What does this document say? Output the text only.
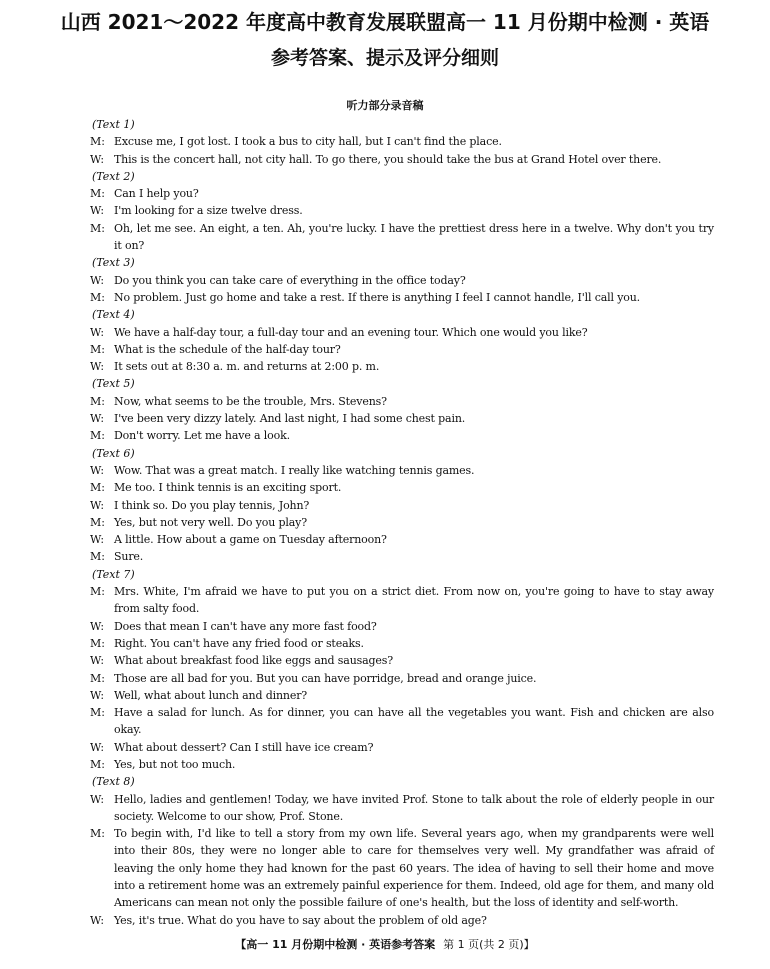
山西 2021～2022 年度高中教育发展联盟高一 11 月份期中检测 · 英语
参考答案、提示及评分细则
听力部分录音稿
(Text 1)
M: Excuse me, I got lost. I took a bus to city hall, but I can't find the place.
W: This is the concert hall, not city hall. To go there, you should take the bus at Grand Hotel over there.
(Text 2)
M: Can I help you?
W: I'm looking for a size twelve dress.
M: Oh, let me see. An eight, a ten. Ah, you're lucky. I have the prettiest dress here in a twelve. Why don't you try it on?
(Text 3)
W: Do you think you can take care of everything in the office today?
M: No problem. Just go home and take a rest. If there is anything I feel I cannot handle, I'll call you.
(Text 4)
W: We have a half-day tour, a full-day tour and an evening tour. Which one would you like?
M: What is the schedule of the half-day tour?
W: It sets out at 8:30 a. m. and returns at 2:00 p. m.
(Text 5)
M: Now, what seems to be the trouble, Mrs. Stevens?
W: I've been very dizzy lately. And last night, I had some chest pain.
M: Don't worry. Let me have a look.
(Text 6)
W: Wow. That was a great match. I really like watching tennis games.
M: Me too. I think tennis is an exciting sport.
W: I think so. Do you play tennis, John?
M: Yes, but not very well. Do you play?
W: A little. How about a game on Tuesday afternoon?
M: Sure.
(Text 7)
M: Mrs. White, I'm afraid we have to put you on a strict diet. From now on, you're going to have to stay away from salty food.
W: Does that mean I can't have any more fast food?
M: Right. You can't have any fried food or steaks.
W: What about breakfast food like eggs and sausages?
M: Those are all bad for you. But you can have porridge, bread and orange juice.
W: Well, what about lunch and dinner?
M: Have a salad for lunch. As for dinner, you can have all the vegetables you want. Fish and chicken are also okay.
W: What about dessert? Can I still have ice cream?
M: Yes, but not too much.
(Text 8)
W: Hello, ladies and gentlemen! Today, we have invited Prof. Stone to talk about the role of elderly people in our society. Welcome to our show, Prof. Stone.
M: To begin with, I'd like to tell a story from my own life. Several years ago, when my grandparents were well into their 80s, they were no longer able to care for themselves very well. My grandfather was afraid of leaving the only home they had known for the past 60 years. The idea of having to sell their home and move into a retirement home was an extremely painful experience for them. Indeed, old age for them, and many old Americans can mean not only the possible failure of one's health, but the loss of identity and self-worth.
W: Yes, it's true. What do you have to say about the problem of old age?
【高一 11 月份期中检测 · 英语参考答案 第 1 页(共 2 页)】
